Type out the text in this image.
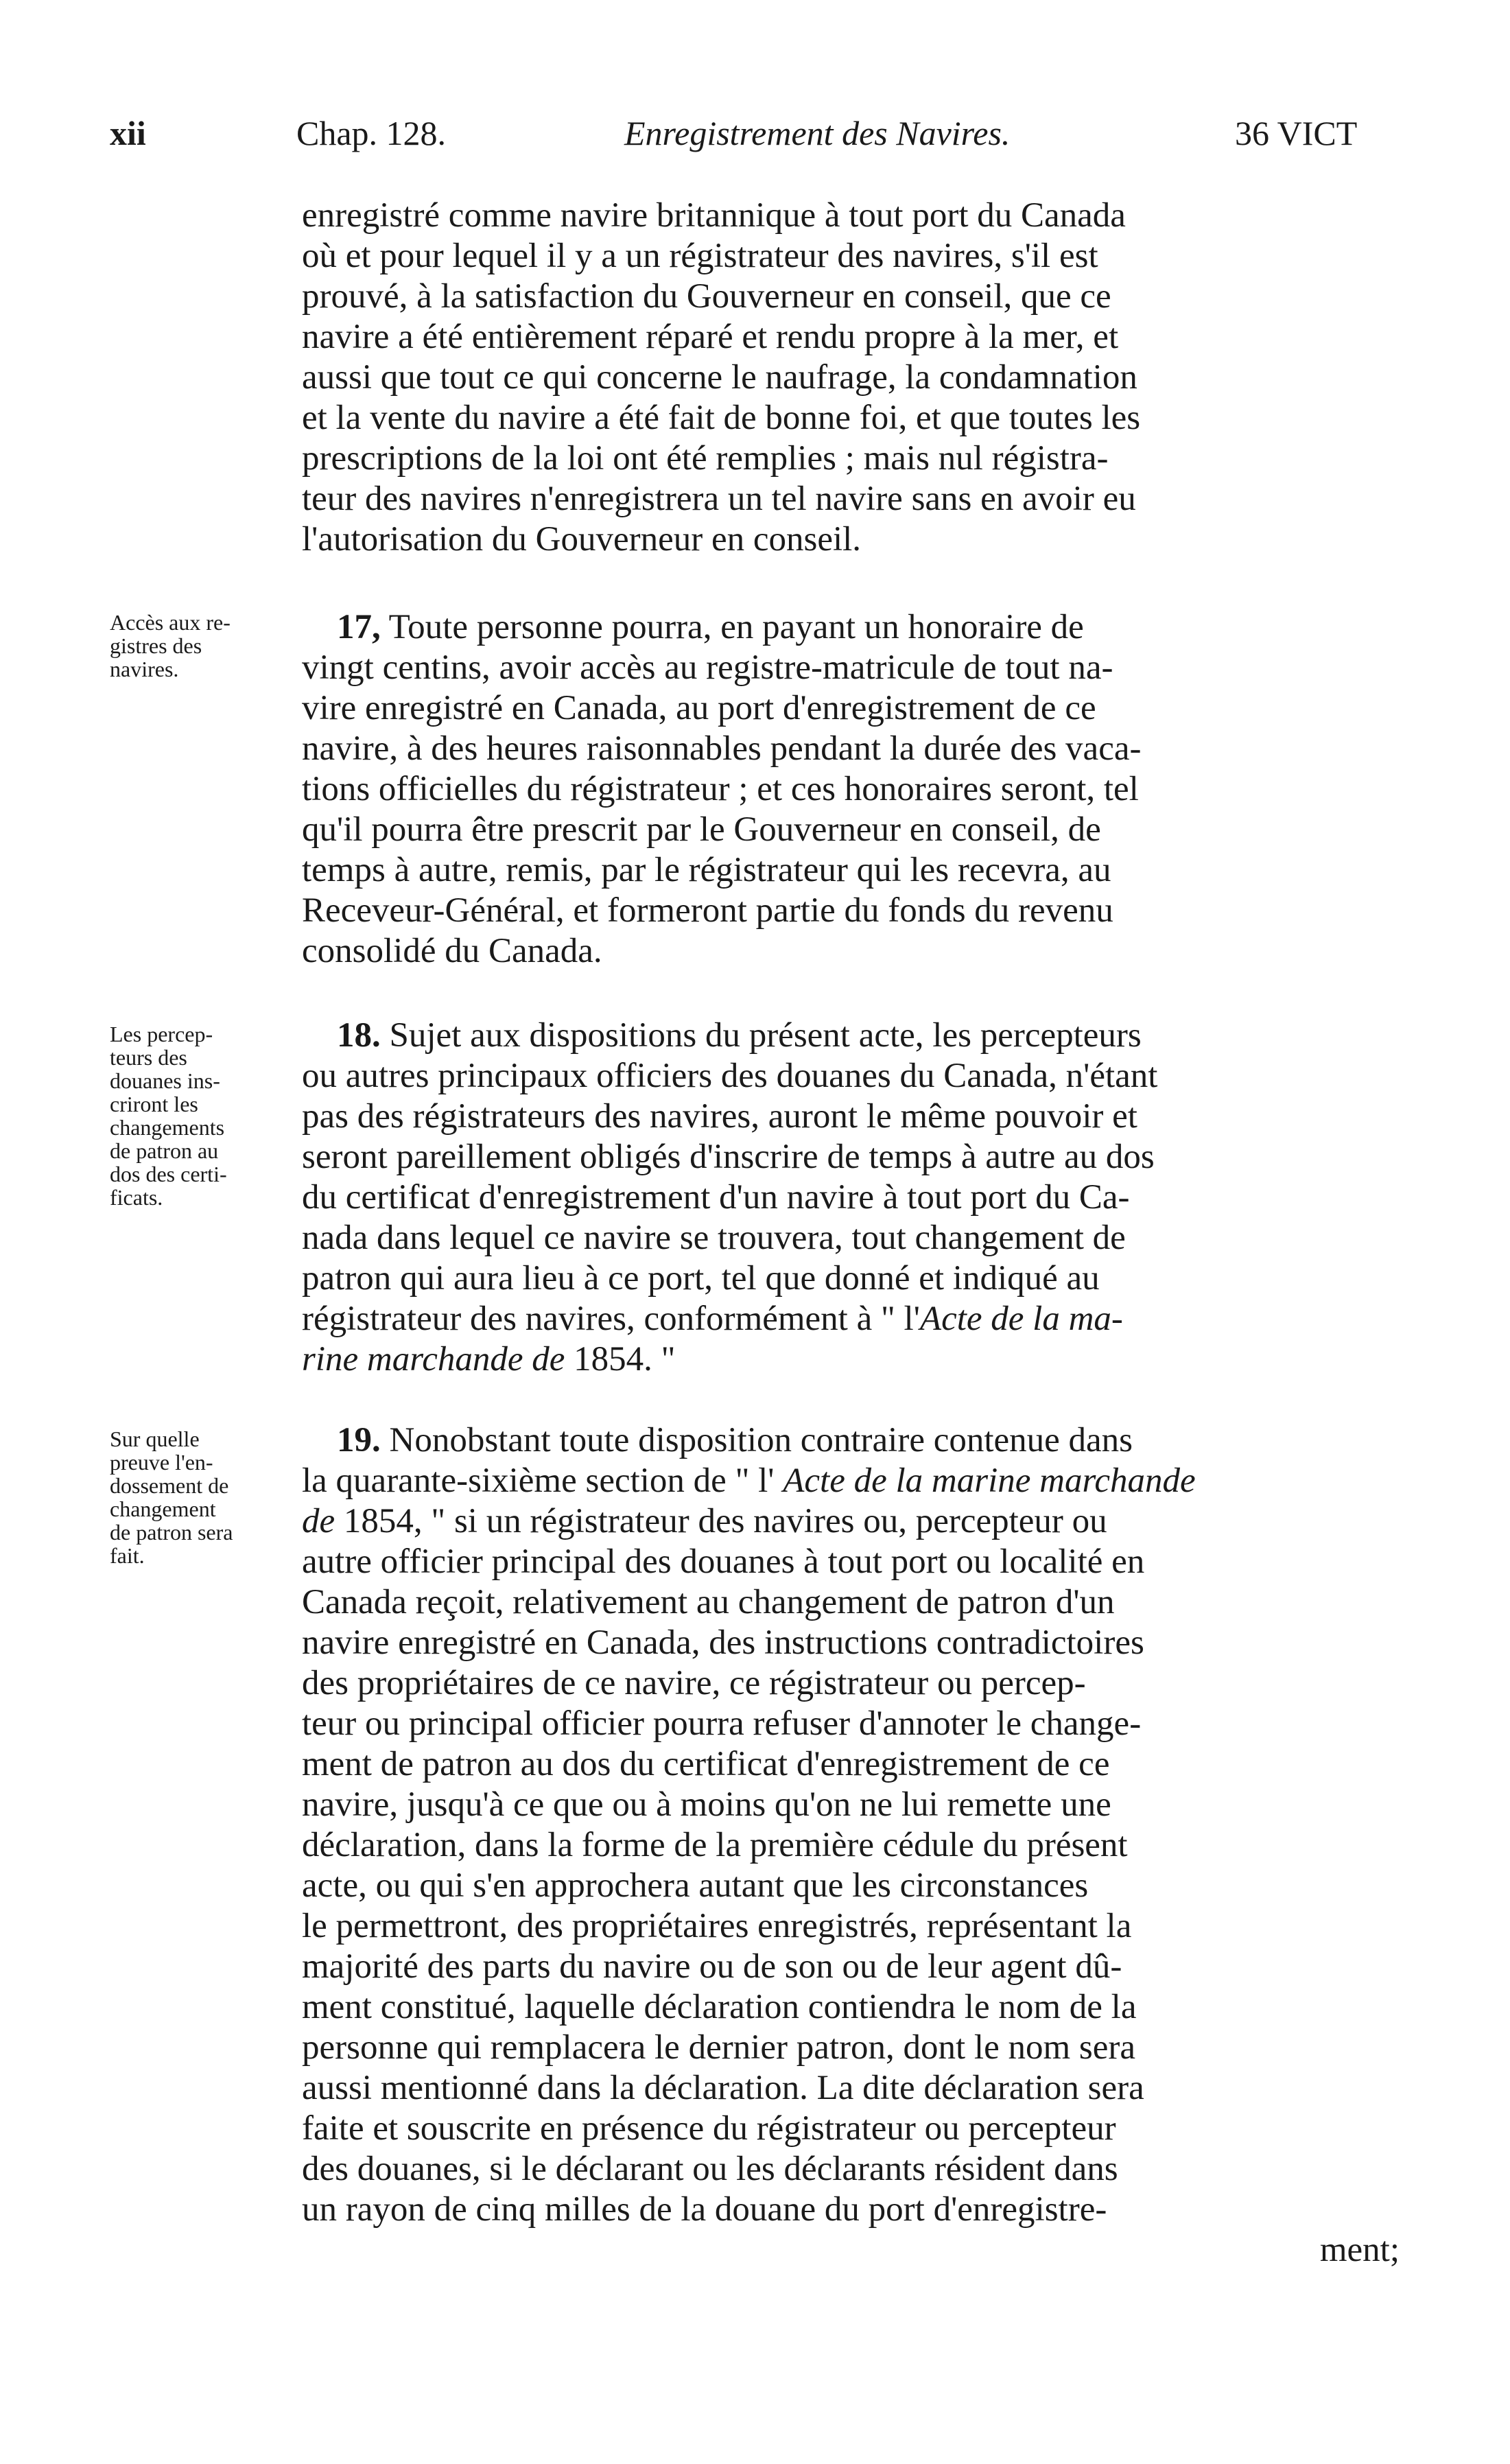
xii	Chap. 128.	Enregistrement des Navires.	36 VICT
enregistré comme navire britannique à tout port du Canada
où et pour lequel il y a un régistrateur des navires, s'il est
prouvé, à la satisfaction du Gouverneur en conseil, que ce
navire a été entièrement réparé et rendu propre à la mer, et
aussi que tout ce qui concerne le naufrage, la condamnation
et la vente du navire a été fait de bonne foi, et que toutes les
prescriptions de la loi ont été remplies ; mais nul régistra-
teur des navires n'enregistrera un tel navire sans en avoir eu
l'autorisation du Gouverneur en conseil.
Accès aux re-
gistres des
navires.
 17, Toute personne pourra, en payant un honoraire de
vingt centins, avoir accès au registre-matricule de tout na-
vire enregistré en Canada, au port d'enregistrement de ce
navire, à des heures raisonnables pendant la durée des vaca-
tions officielles du régistrateur ; et ces honoraires seront, tel
qu'il pourra être prescrit par le Gouverneur en conseil, de
temps à autre, remis, par le régistrateur qui les recevra, au
Receveur-Général, et formeront partie du fonds du revenu
consolidé du Canada.
Les percep-
teurs des
douanes ins-
criront les
changements
de patron au
dos des certi-
ficats.
 18. Sujet aux dispositions du présent acte, les percepteurs
ou autres principaux officiers des douanes du Canada, n'étant
pas des régistrateurs des navires, auront le même pouvoir et
seront pareillement obligés d'inscrire de temps à autre au dos
du certificat d'enregistrement d'un navire à tout port du Ca-
nada dans lequel ce navire se trouvera, tout changement de
patron qui aura lieu à ce port, tel que donné et indiqué au
régistrateur des navires, conformément à " l'Acte de la ma-
rine marchande de 1854. "
Sur quelle
preuve l'en-
dossement de
changement
de patron sera
fait.
 19. Nonobstant toute disposition contraire contenue dans
la quarante-sixième section de " l' Acte de la marine marchande
de 1854, " si un régistrateur des navires ou, percepteur ou
autre officier principal des douanes à tout port ou localité en
Canada reçoit, relativement au changement de patron d'un
navire enregistré en Canada, des instructions contradictoires
des propriétaires de ce navire, ce régistrateur ou percep-
teur ou principal officier pourra refuser d'annoter le change-
ment de patron au dos du certificat d'enregistrement de ce
navire, jusqu'à ce que ou à moins qu'on ne lui remette une
déclaration, dans la forme de la première cédule du présent
acte, ou qui s'en approchera autant que les circonstances
le permettront, des propriétaires enregistrés, représentant la
majorité des parts du navire ou de son ou de leur agent dû-
ment constitué, laquelle déclaration contiendra le nom de la
personne qui remplacera le dernier patron, dont le nom sera
aussi mentionné dans la déclaration. La dite déclaration sera
faite et souscrite en présence du régistrateur ou percepteur
des douanes, si le déclarant ou les déclarants résident dans
un rayon de cinq milles de la douane du port d'enregistre-
ment;
